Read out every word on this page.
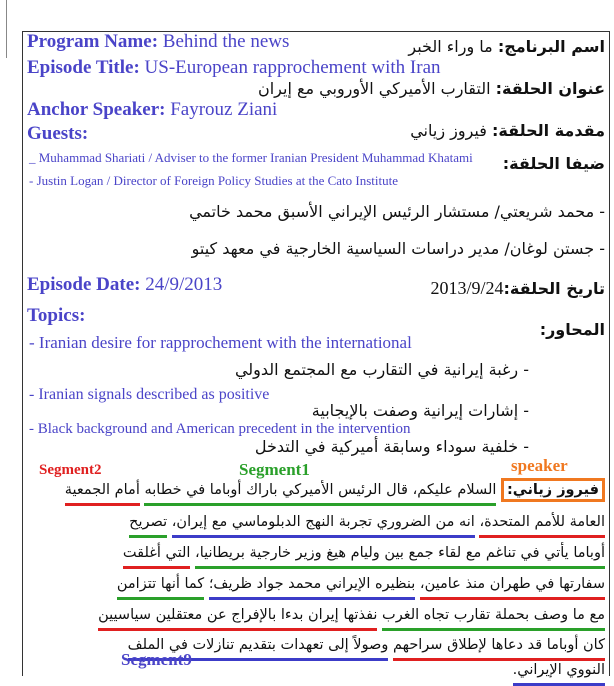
Program Name: Behind the news	اسم البرنامج: ما وراء الخبر
Episode Title: US-European rapprochement with Iran
عنوان الحلقة: التقارب الأميركي الأوروبي مع إيران
Anchor Speaker: Fayrouz Ziani
مقدمة الحلقة: فيروز زياني
Guests:
ضيفا الحلقة:
_ Muhammad Shariati / Adviser to the former Iranian President Muhammad Khatami
- Justin Logan / Director of Foreign Policy Studies at the Cato Institute
- محمد شريعتي/ مستشار الرئيس الإيراني الأسبق محمد خاتمي
- جستن لوغان/ مدير دراسات السياسية الخارجية في معهد كيتو
Episode Date: 24/9/2013	تاريخ الحلقة:2013/9/24
Topics:
المحاور:
- Iranian desire for rapprochement with the international
- رغبة إيرانية في التقارب مع المجتمع الدولي
- Iranian signals described as positive
- إشارات إيرانية وصفت بالإيجابية
- Black background and American precedent in the intervention
- خلفية سوداء وسابقة أميركية في التدخل
Segment2	Segment1	speaker
فيروز زياني: السلام عليكم، قال الرئيس الأميركي باراك أوباما في خطابه أمام الجمعية
العامة للأمم المتحدة، انه من الضروري تجربة النهج الدبلوماسي مع إيران، تصريح
أوباما يأتي في تناغم مع لقاء جمع بين وليام هيغ وزير خارجية بريطانيا، التي أغلقت
سفارتها في طهران منذ عامين، بنظيره الإيراني محمد جواد ظريف؛ كما أنها تتزامن
مع ما وصف بحملة تقارب تجاه الغرب نفذتها إيران بدءا بالإفراج عن معتقلين سياسيين
كان أوباما قد دعاها لإطلاق سراحهم وصولاً إلى تعهدات بتقديم تنازلات في الملف
النووي الإيراني.
Segment9
